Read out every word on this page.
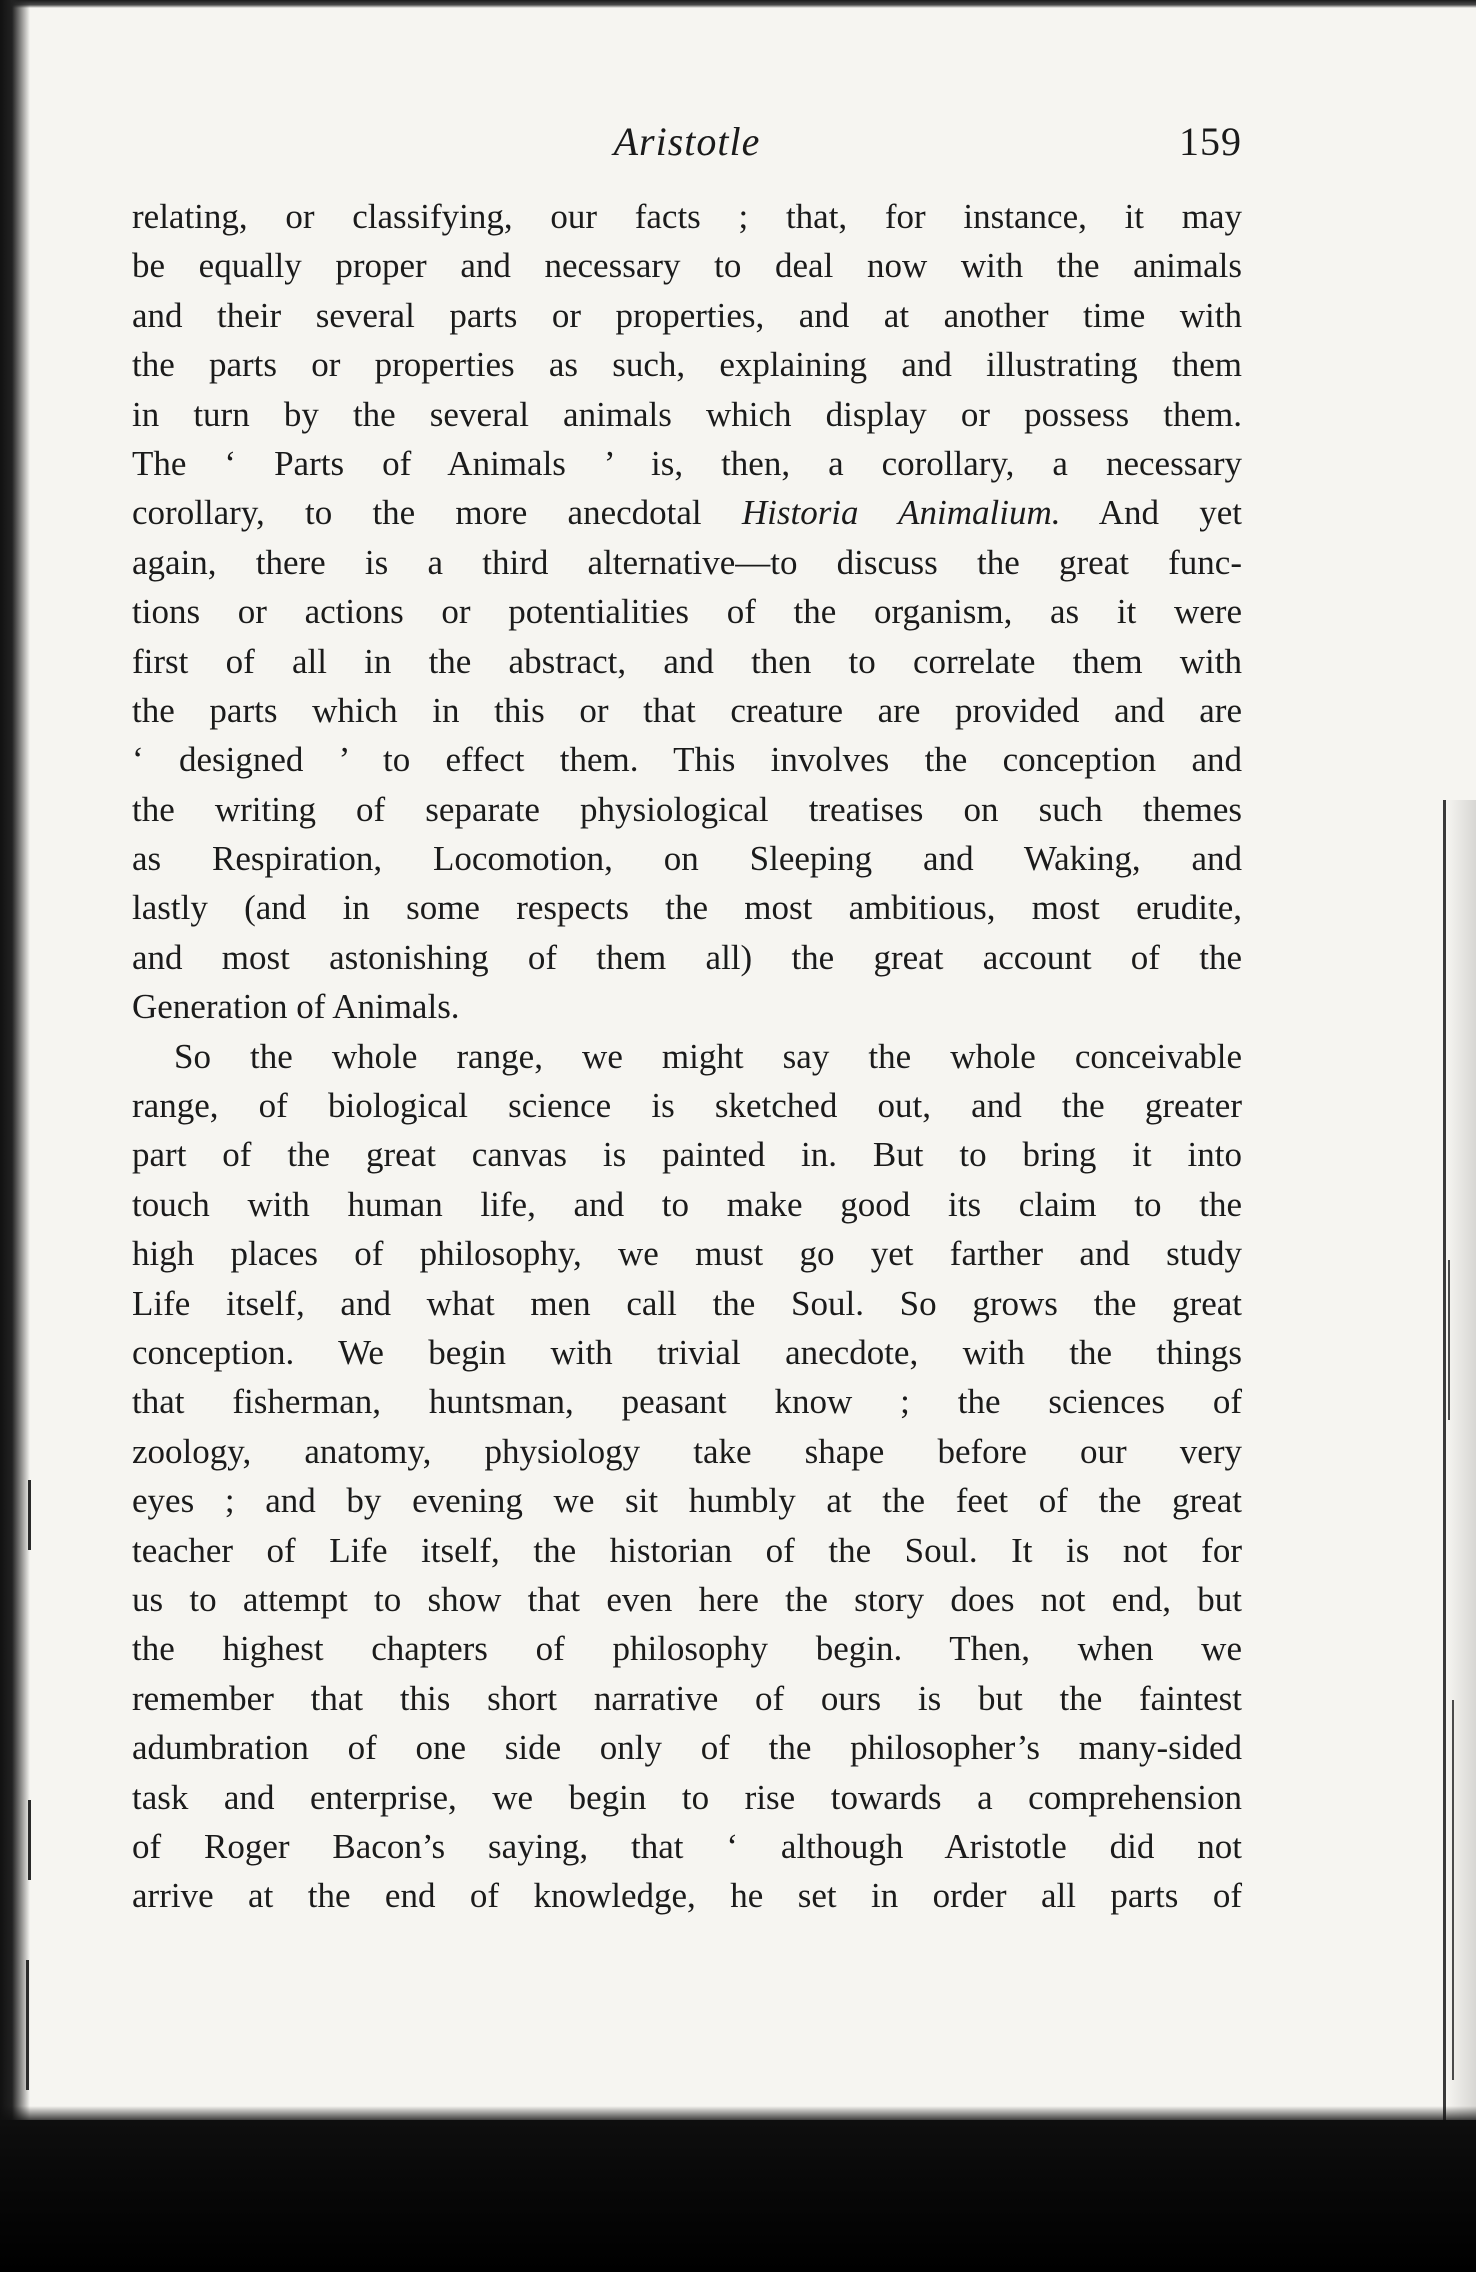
Aristotle	159
relating, or classifying, our facts ; that, for instance, it may
be equally proper and necessary to deal now with the animals
and their several parts or properties, and at another time with
the parts or properties as such, explaining and illustrating them
in turn by the several animals which display or possess them.
The ‘ Parts of Animals ’ is, then, a corollary, a necessary
corollary, to the more anecdotal Historia Animalium. And yet
again, there is a third alternative—to discuss the great func-
tions or actions or potentialities of the organism, as it were
first of all in the abstract, and then to correlate them with
the parts which in this or that creature are provided and are
‘ designed ’ to effect them. This involves the conception and
the writing of separate physiological treatises on such themes
as Respiration, Locomotion, on Sleeping and Waking, and
lastly (and in some respects the most ambitious, most erudite,
and most astonishing of them all) the great account of the
Generation of Animals.
So the whole range, we might say the whole conceivable
range, of biological science is sketched out, and the greater
part of the great canvas is painted in. But to bring it into
touch with human life, and to make good its claim to the
high places of philosophy, we must go yet farther and study
Life itself, and what men call the Soul. So grows the great
conception. We begin with trivial anecdote, with the things
that fisherman, huntsman, peasant know ; the sciences of
zoology, anatomy, physiology take shape before our very
eyes ; and by evening we sit humbly at the feet of the great
teacher of Life itself, the historian of the Soul. It is not for
us to attempt to show that even here the story does not end, but
the highest chapters of philosophy begin. Then, when we
remember that this short narrative of ours is but the faintest
adumbration of one side only of the philosopher’s many-sided
task and enterprise, we begin to rise towards a comprehension
of Roger Bacon’s saying, that ‘ although Aristotle did not
arrive at the end of knowledge, he set in order all parts of
